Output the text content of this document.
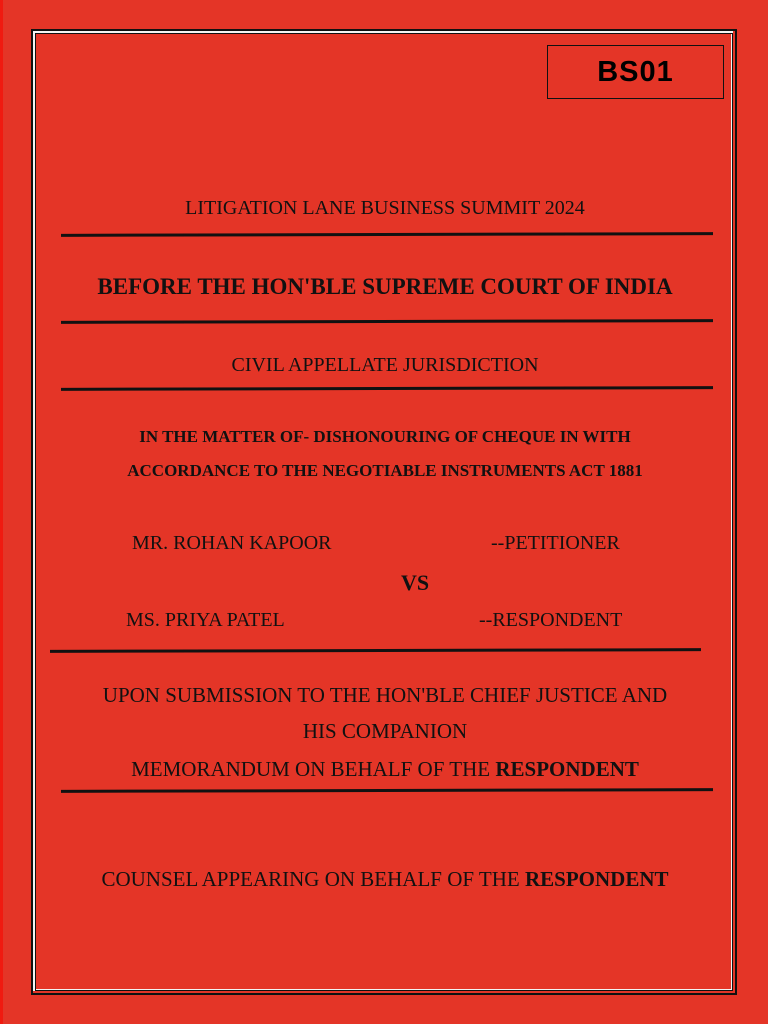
BS01
LITIGATION LANE BUSINESS SUMMIT 2024
BEFORE THE HON'BLE SUPREME COURT OF INDIA
CIVIL APPELLATE JURISDICTION
IN THE MATTER OF- DISHONOURING OF CHEQUE IN WITH
ACCORDANCE TO THE NEGOTIABLE INSTRUMENTS ACT 1881
MR. ROHAN KAPOOR	--PETITIONER
VS
MS. PRIYA PATEL	--RESPONDENT
UPON SUBMISSION TO THE HON'BLE CHIEF JUSTICE AND
HIS COMPANION
MEMORANDUM ON BEHALF OF THE RESPONDENT
COUNSEL APPEARING ON BEHALF OF THE RESPONDENT
